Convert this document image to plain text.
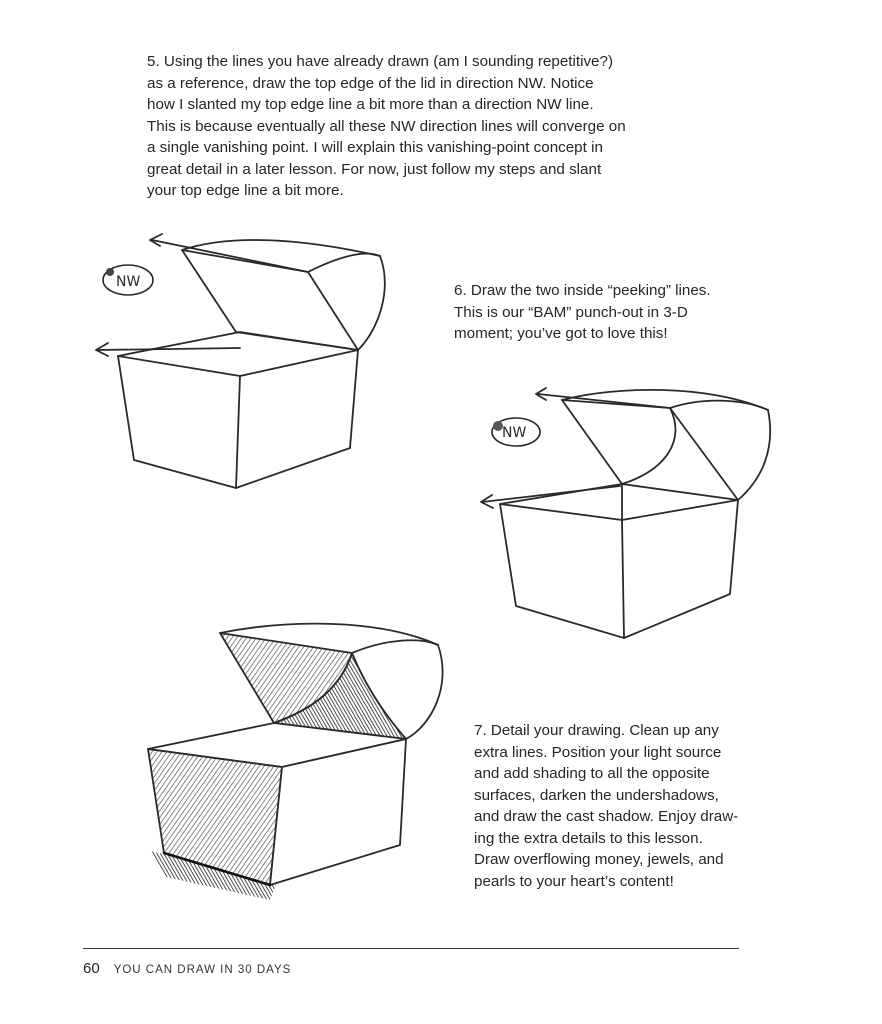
5. Using the lines you have already drawn (am I sounding repetitive?)
as a reference, draw the top edge of the lid in direction NW. Notice
how I slanted my top edge line a bit more than a direction NW line.
This is because eventually all these NW direction lines will converge on
a single vanishing point. I will explain this vanishing-point concept in
great detail in a later lesson. For now, just follow my steps and slant
your top edge line a bit more.

NW	6. Draw the two inside “peeking” lines.
This is our “BAM” punch-out in 3-D
moment; you’ve got to love this!

NW

7. Detail your drawing. Clean up any
extra lines. Position your light source
and add shading to all the opposite
surfaces, darken the undershadows,
and draw the cast shadow. Enjoy draw-
ing the extra details to this lesson.
Draw overflowing money, jewels, and
pearls to your heart’s content!

60 YOU CAN DRAW IN 30 DAYS
